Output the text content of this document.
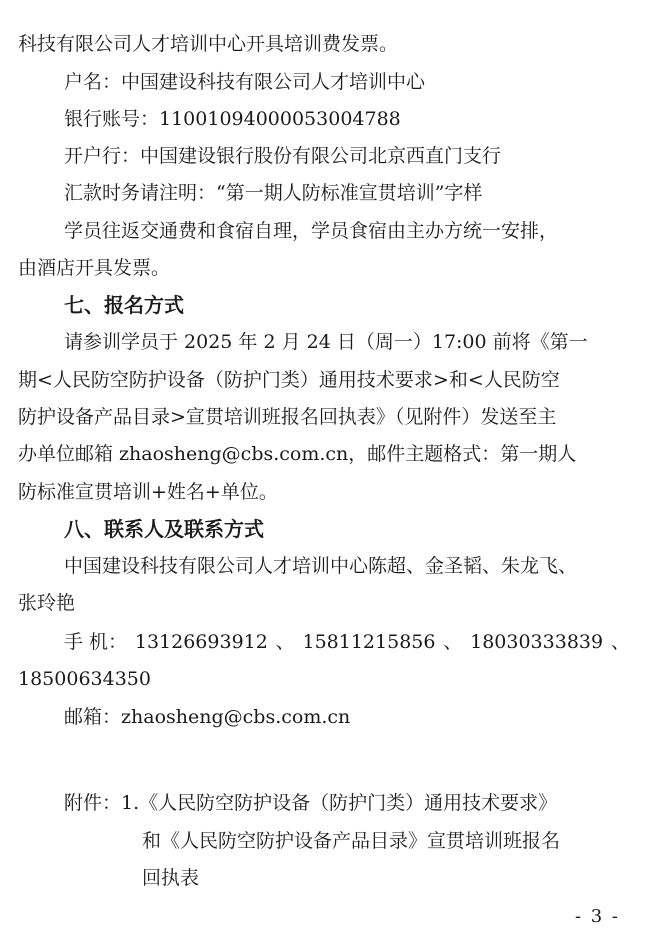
科技有限公司人才培训中心开具培训费发票。
户名：中国建设科技有限公司人才培训中心
银行账号：11001094000053004788
开户行：中国建设银行股份有限公司北京西直门支行
汇款时务请注明：“第一期人防标准宣贯培训”字样
学员往返交通费和食宿自理，学员食宿由主办方统一安排，
由酒店开具发票。
七、报名方式
请参训学员于 2025 年 2 月 24 日（周一）17:00 前将《第一
期<人民防空防护设备（防护门类）通用技术要求>和<人民防空
防护设备产品目录>宣贯培训班报名回执表》（见附件）发送至主
办单位邮箱 zhaosheng@cbs.com.cn，邮件主题格式：第一期人
防标准宣贯培训+姓名+单位。
八、联系人及联系方式
中国建设科技有限公司人才培训中心陈超、金圣韬、朱龙飞、
张玲艳
手 机： 13126693912 、 15811215856 、 18030333839 、
18500634350
邮箱：zhaosheng@cbs.com.cn
附件：1.《人民防空防护设备（防护门类）通用技术要求》
和《人民防空防护设备产品目录》宣贯培训班报名
回执表
- 3 -
